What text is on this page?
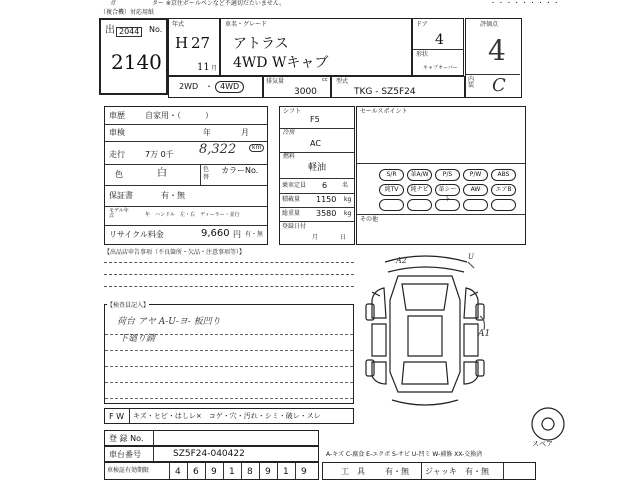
ガ　　　　　　ター ※京住ボールペンなど不適切だたいません。	・ ・ ・ ・ ・ ・ ・ ・ ・
（複合機）対応用紙
出 2044	No.
2140
年式
H 27
11 月
車名・グレード
アトラス
4WD Wキャブ
ドア
4
形状
キャブオーバー
評価点
4
内装 C
2WD ・ 4WD
排気量	cc
3000
型式
TKG - SZ5F24
車歴	自家用・（　　　）
車検	年	月
走行	7万 0千 8,322	km
色	白	色替
カラーNo.
保証書	有・無
モデル年式	年　ハンドル　左・右　ディーラー・並行
リサイクル料金	9,660 円 有・無
シフト
F5
冷房
AC
燃料
軽油
乗車定員 6 名
積載量 1150 kg
総重量 3580 kg
登録日付
月	日
セールスポイント
その他
S/R	革A/W	P/S	P/W	ABS
純TV	純ナビ	革シート
AW	エアB
【出品店申告事項（不良箇所・欠品・注意事項等）】
【検査員記入】
荷台 アヤ A-U-ヨ- 板凹り
下廻り錆
F W キズ・ヒビ・はしレ×　コゲ・穴・汚れ・シミ・破レ・スレ
登 録 No.
車台番号	SZ5F24-040422
車検証有効期限	4 6 9 1 8 9 1 9
A-キズ C-腐食 E-エクボ S-サビ U-凹ミ W-補修 XX-交換済
工　具	有・無 ジャッキ 有・無
A2	U
A1
スペア
